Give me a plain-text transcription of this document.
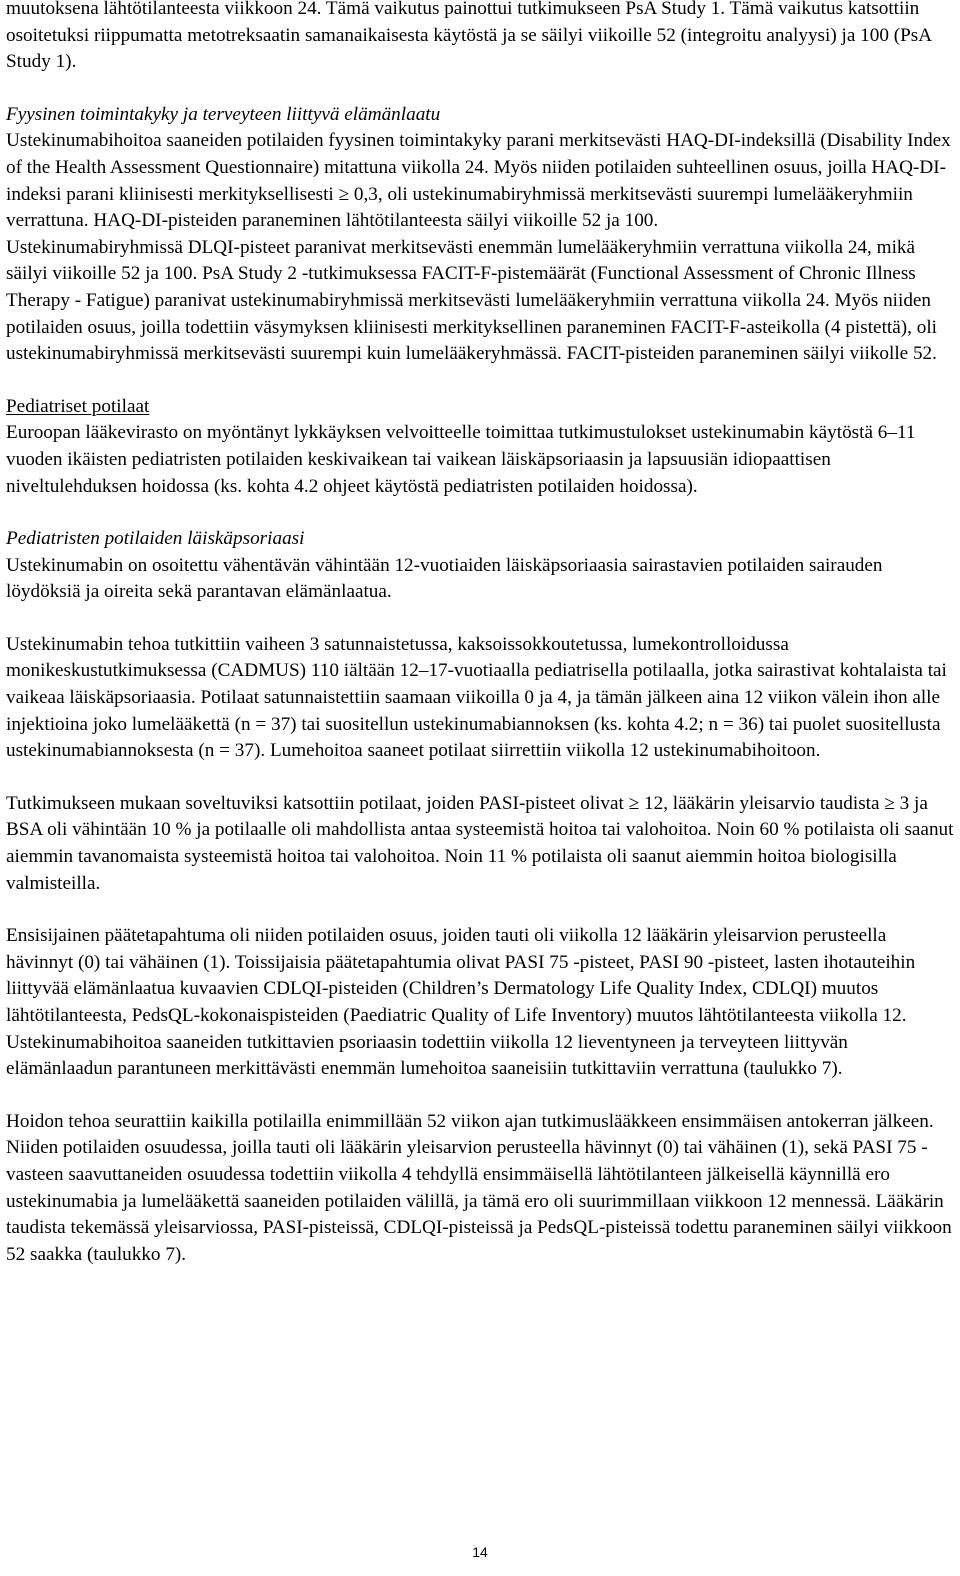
muutoksena lähtötilanteesta viikkoon 24. Tämä vaikutus painottui tutkimukseen PsA Study 1. Tämä vaikutus katsottiin osoitetuksi riippumatta metotreksaatin samanaikaisesta käytöstä ja se säilyi viikoille 52 (integroitu analyysi) ja 100 (PsA Study 1).

Fyysinen toimintakyky ja terveyteen liittyvä elämänlaatu

Ustekinumabihoitoa saaneiden potilaiden fyysinen toimintakyky parani merkitsevästi HAQ-DI-indeksillä (Disability Index of the Health Assessment Questionnaire) mitattuna viikolla 24. Myös niiden potilaiden suhteellinen osuus, joilla HAQ-DI-indeksi parani kliinisesti merkityksellisesti ≥ 0,3, oli ustekinumabiryhmissä merkitsevästi suurempi lumelääkeryhmiin verrattuna. HAQ-DI-pisteiden paraneminen lähtötilanteesta säilyi viikoille 52 ja 100.

Ustekinumabiryhmissä DLQI-pisteet paranivat merkitsevästi enemmän lumelääkeryhmiin verrattuna viikolla 24, mikä säilyi viikoille 52 ja 100. PsA Study 2 -tutkimuksessa FACIT-F-pistemäärät (Functional Assessment of Chronic Illness Therapy - Fatigue) paranivat ustekinumabiryhmissä merkitsevästi lumelääkeryhmiin verrattuna viikolla 24. Myös niiden potilaiden osuus, joilla todettiin väsymyksen kliinisesti merkityksellinen paraneminen FACIT-F-asteikolla (4 pistettä), oli ustekinumabiryhmissä merkitsevästi suurempi kuin lumelääkeryhmässä. FACIT-pisteiden paraneminen säilyi viikolle 52.

Pediatriset potilaat

Euroopan lääkevirasto on myöntänyt lykkäyksen velvoitteelle toimittaa tutkimustulokset ustekinumabin käytöstä 6–11 vuoden ikäisten pediatristen potilaiden keskivaikean tai vaikean läiskäpsoriaasin ja lapsuusiän idiopaattisen niveltulehduksen hoidossa (ks. kohta 4.2 ohjeet käytöstä pediatristen potilaiden hoidossa).

Pediatristen potilaiden läiskäpsoriaasi

Ustekinumabin on osoitettu vähentävän vähintään 12-vuotiaiden läiskäpsoriaasia sairastavien potilaiden sairauden löydöksiä ja oireita sekä parantavan elämänlaatua.

Ustekinumabin tehoa tutkittiin vaiheen 3 satunnaistetussa, kaksoissokkoutetussa, lumekontrolloidussa monikeskustutkimuksessa (CADMUS) 110 iältään 12–17-vuotiaalla pediatrisella potilaalla, jotka sairastivat kohtalaista tai vaikeaa läiskäpsoriaasia. Potilaat satunnaistettiin saamaan viikoilla 0 ja 4, ja tämän jälkeen aina 12 viikon välein ihon alle injektioina joko lumelääkettä (n = 37) tai suositellun ustekinumabiannoksen (ks. kohta 4.2; n = 36) tai puolet suositellusta ustekinumabiannoksesta (n = 37). Lumehoitoa saaneet potilaat siirrettiin viikolla 12 ustekinumabihoitoon.

Tutkimukseen mukaan soveltuviksi katsottiin potilaat, joiden PASI-pisteet olivat ≥ 12, lääkärin yleisarvio taudista ≥ 3 ja BSA oli vähintään 10 % ja potilaalle oli mahdollista antaa systeemistä hoitoa tai valohoitoa. Noin 60 % potilaista oli saanut aiemmin tavanomaista systeemistä hoitoa tai valohoitoa. Noin 11 % potilaista oli saanut aiemmin hoitoa biologisilla valmisteilla.

Ensisijainen päätetapahtuma oli niiden potilaiden osuus, joiden tauti oli viikolla 12 lääkärin yleisarvion perusteella hävinnyt (0) tai vähäinen (1). Toissijaisia päätetapahtumia olivat PASI 75 -pisteet, PASI 90 -pisteet, lasten ihotauteihin liittyvää elämänlaatua kuvaavien CDLQI-pisteiden (Children’s Dermatology Life Quality Index, CDLQI) muutos lähtötilanteesta, PedsQL-kokonaispisteiden (Paediatric Quality of Life Inventory) muutos lähtötilanteesta viikolla 12. Ustekinumabihoitoa saaneiden tutkittavien psoriaasin todettiin viikolla 12 lieventyneen ja terveyteen liittyvän elämänlaadun parantuneen merkittävästi enemmän lumehoitoa saaneisiin tutkittaviin verrattuna (taulukko 7).

Hoidon tehoa seurattiin kaikilla potilailla enimmillään 52 viikon ajan tutkimuslääkkeen ensimmäisen antokerran jälkeen. Niiden potilaiden osuudessa, joilla tauti oli lääkärin yleisarvion perusteella hävinnyt (0) tai vähäinen (1), sekä PASI 75 -vasteen saavuttaneiden osuudessa todettiin viikolla 4 tehdyllä ensimmäisellä lähtötilanteen jälkeisellä käynnillä ero ustekinumabia ja lumelääkettä saaneiden potilaiden välillä, ja tämä ero oli suurimmillaan viikkoon 12 mennessä. Lääkärin taudista tekemässä yleisarviossa, PASI-pisteissä, CDLQI-pisteissä ja PedsQL-pisteissä todettu paraneminen säilyi viikkoon 52 saakka (taulukko 7).

14
